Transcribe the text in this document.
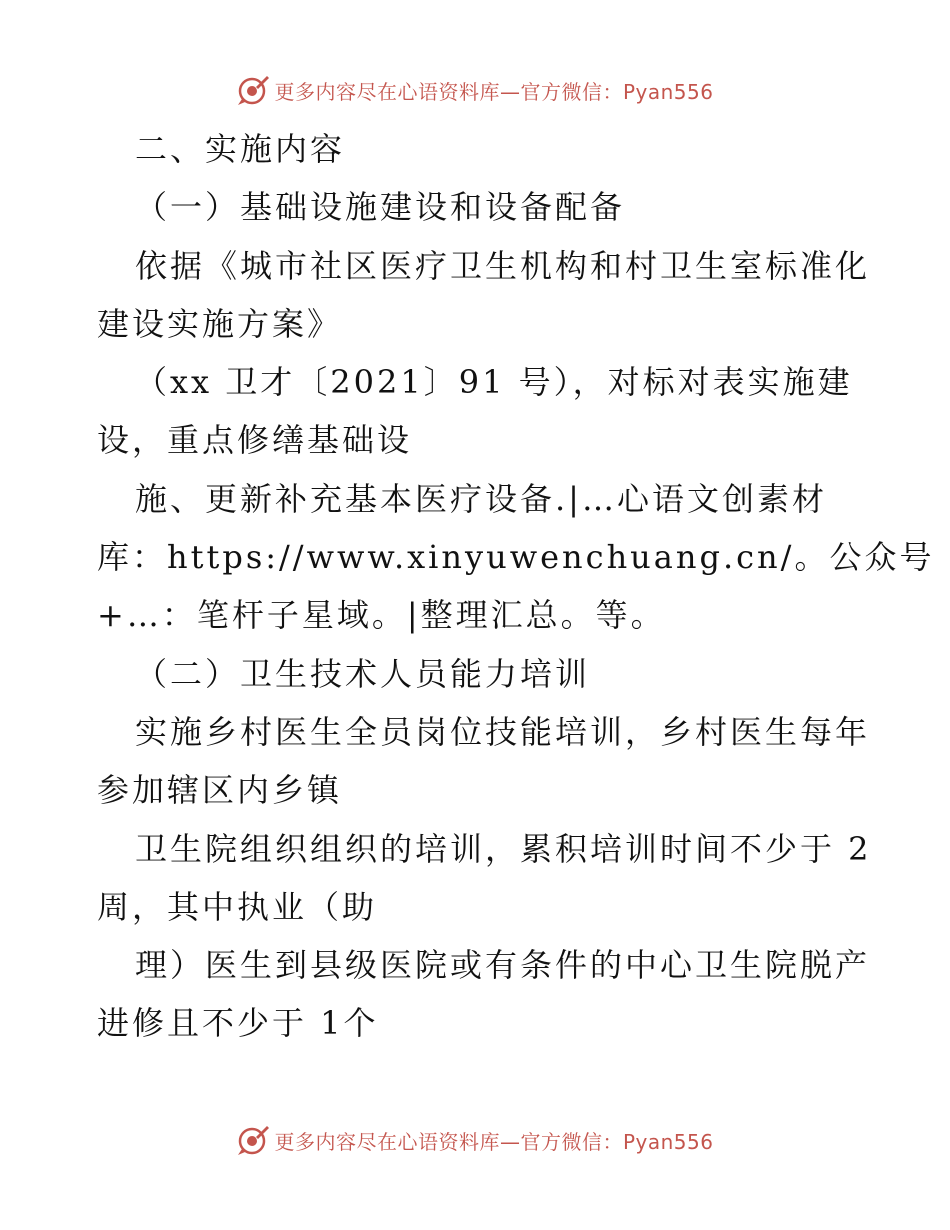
更多内容尽在心语资料库—官方微信：Pyan556
二、实施内容
（一）基础设施建设和设备配备
依据《城市社区医疗卫生机构和村卫生室标准化
建设实施方案》
（xx 卫才〔2021〕91 号），对标对表实施建
设，重点修缮基础设
施、更新补充基本医疗设备.|…心语文创素材
库：https://www.xinyuwenchuang.cn/。公众号
+…：笔杆子星域。|整理汇总。等。
（二）卫生技术人员能力培训
实施乡村医生全员岗位技能培训，乡村医生每年
参加辖区内乡镇
卫生院组织组织的培训，累积培训时间不少于 2
周，其中执业（助
理）医生到县级医院或有条件的中心卫生院脱产
进修且不少于 1个
更多内容尽在心语资料库—官方微信：Pyan556
